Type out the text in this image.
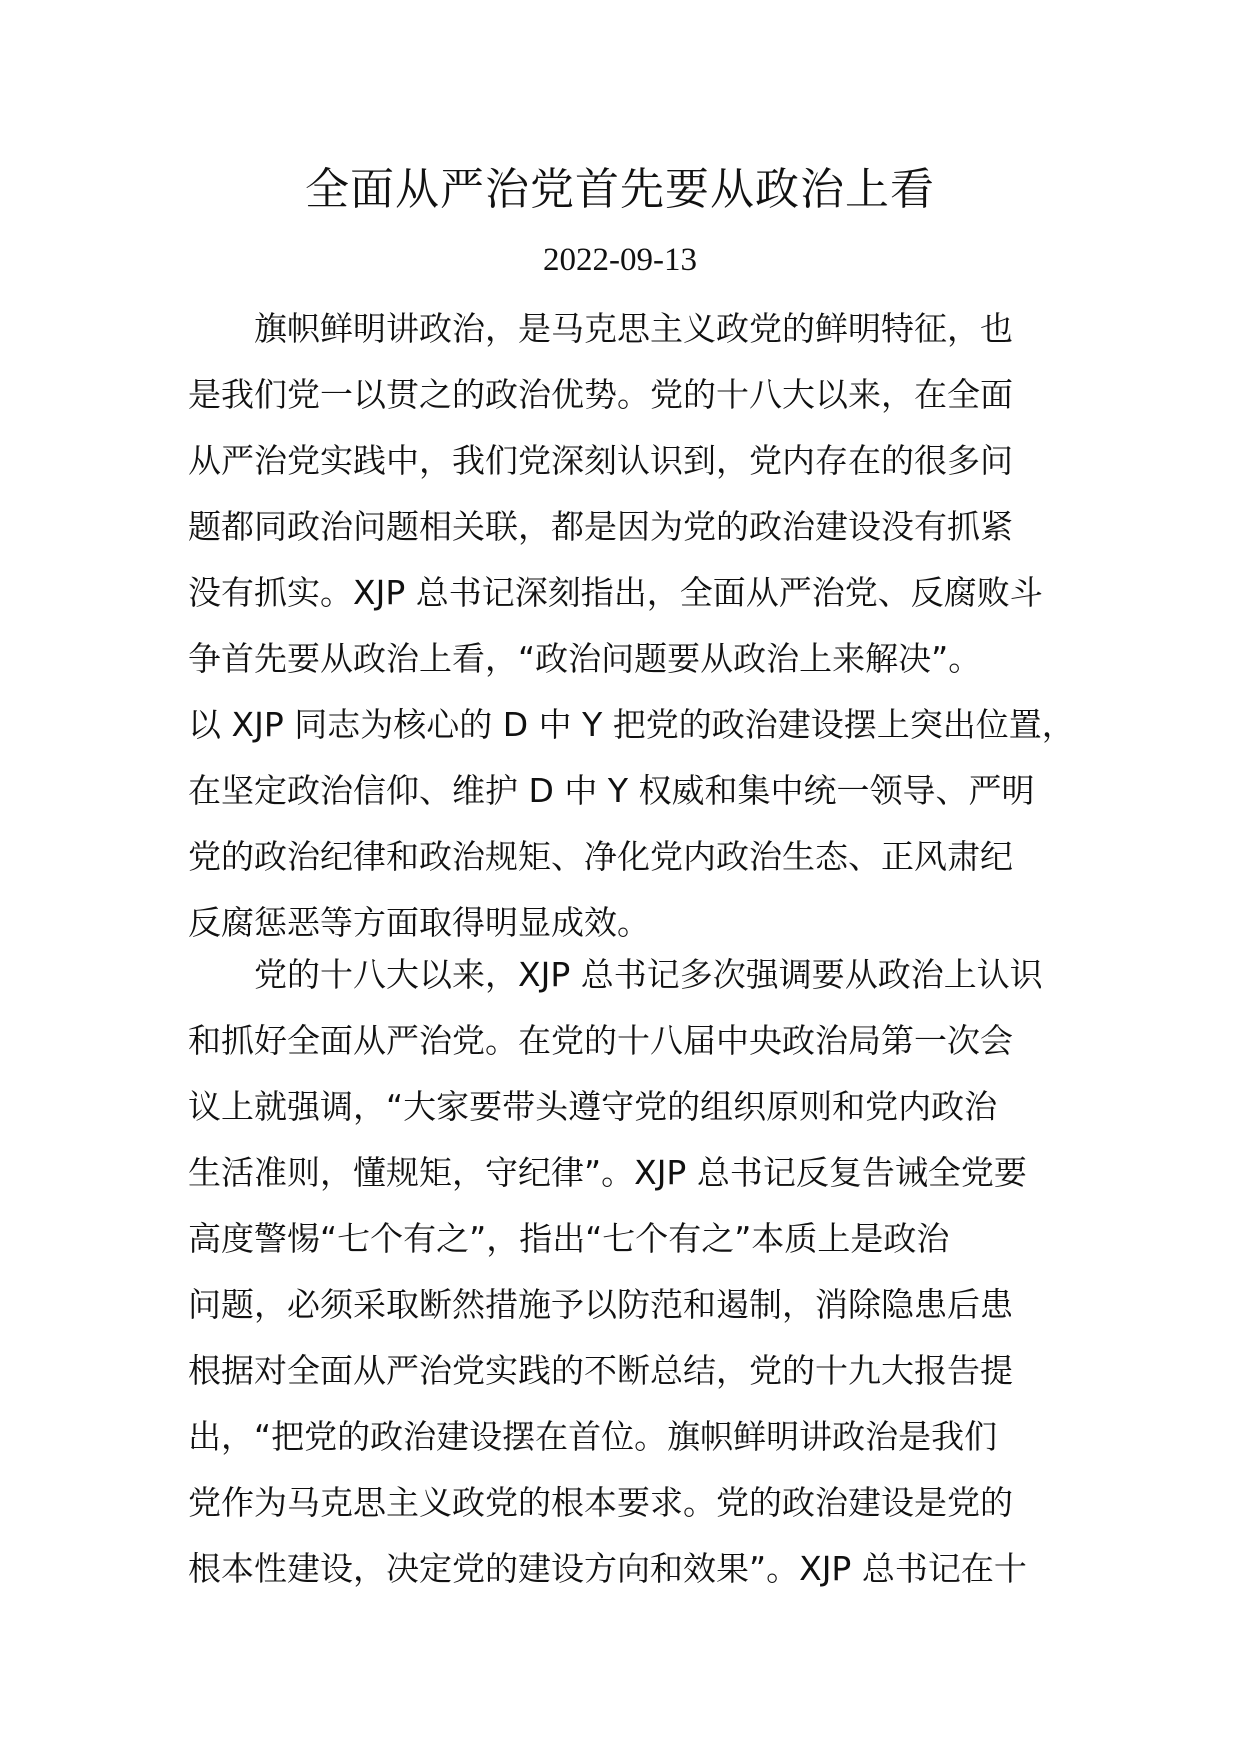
全面从严治党首先要从政治上看
2022-09-13
　　旗帜鲜明讲政治，是马克思主义政党的鲜明特征，也
是我们党一以贯之的政治优势。党的十八大以来，在全面
从严治党实践中，我们党深刻认识到，党内存在的很多问
题都同政治问题相关联，都是因为党的政治建设没有抓紧
没有抓实。XJP 总书记深刻指出，全面从严治党、反腐败斗
争首先要从政治上看，“政治问题要从政治上来解决”。
以 XJP 同志为核心的 D 中 Y 把党的政治建设摆上突出位置，
在坚定政治信仰、维护 D 中 Y 权威和集中统一领导、严明
党的政治纪律和政治规矩、净化党内政治生态、正风肃纪
反腐惩恶等方面取得明显成效。
　　党的十八大以来，XJP 总书记多次强调要从政治上认识
和抓好全面从严治党。在党的十八届中央政治局第一次会
议上就强调，“大家要带头遵守党的组织原则和党内政治
生活准则，懂规矩，守纪律”。XJP 总书记反复告诫全党要
高度警惕“七个有之”，指出“七个有之”本质上是政治
问题，必须采取断然措施予以防范和遏制，消除隐患后患
根据对全面从严治党实践的不断总结，党的十九大报告提
出，“把党的政治建设摆在首位。旗帜鲜明讲政治是我们
党作为马克思主义政党的根本要求。党的政治建设是党的
根本性建设，决定党的建设方向和效果”。XJP 总书记在十
